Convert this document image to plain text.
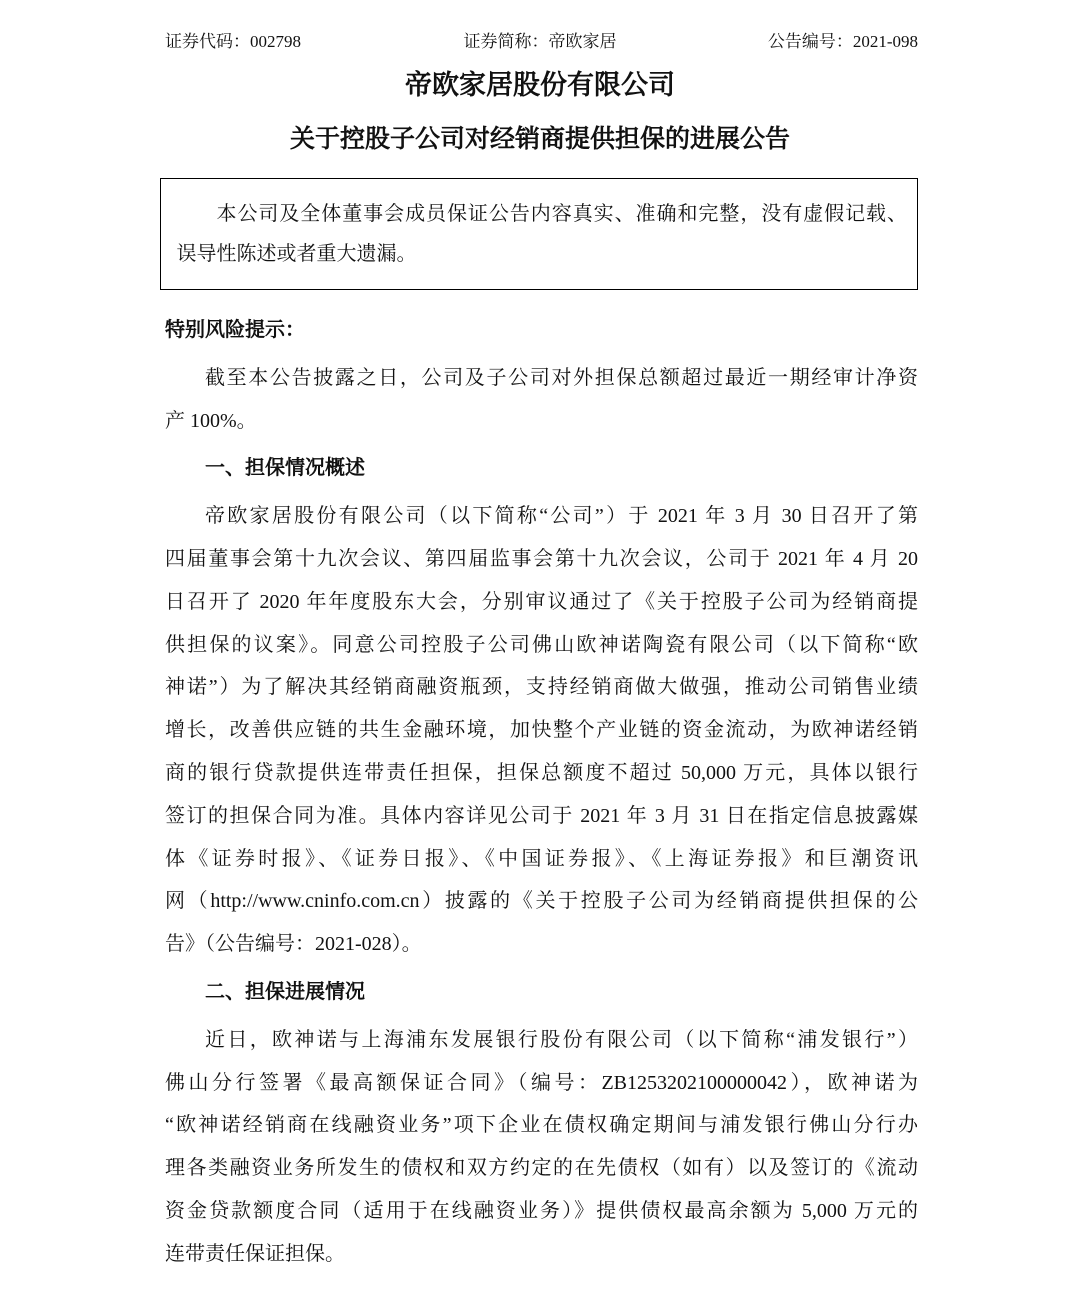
证券代码：002798	证券简称：帝欧家居	公告编号：2021-098
帝欧家居股份有限公司
关于控股子公司对经销商提供担保的进展公告
本公司及全体董事会成员保证公告内容真实、准确和完整，没有虚假记载、
误导性陈述或者重大遗漏。
特别风险提示：
截至本公告披露之日，公司及子公司对外担保总额超过最近一期经审计净资
产 100%。
一、担保情况概述
帝欧家居股份有限公司（以下简称“公司”）于 2021 年 3 月 30 日召开了第
四届董事会第十九次会议、第四届监事会第十九次会议，公司于 2021 年 4 月 20
日召开了 2020 年年度股东大会，分别审议通过了《关于控股子公司为经销商提
供担保的议案》。同意公司控股子公司佛山欧神诺陶瓷有限公司（以下简称“欧
神诺”）为了解决其经销商融资瓶颈，支持经销商做大做强，推动公司销售业绩
增长，改善供应链的共生金融环境，加快整个产业链的资金流动，为欧神诺经销
商的银行贷款提供连带责任担保，担保总额度不超过 50,000 万元，具体以银行
签订的担保合同为准。具体内容详见公司于 2021 年 3 月 31 日在指定信息披露媒
体《证券时报》、《证券日报》、《中国证券报》、《上海证券报》和巨潮资讯
网（http://www.cninfo.com.cn）披露的《关于控股子公司为经销商提供担保的公
告》（公告编号：2021-028）。
二、担保进展情况
近日，欧神诺与上海浦东发展银行股份有限公司（以下简称“浦发银行”）
佛山分行签署《最高额保证合同》（编号：ZB1253202100000042），欧神诺为
“欧神诺经销商在线融资业务”项下企业在债权确定期间与浦发银行佛山分行办
理各类融资业务所发生的债权和双方约定的在先债权（如有）以及签订的《流动
资金贷款额度合同（适用于在线融资业务）》提供债权最高余额为 5,000 万元的
连带责任保证担保。
